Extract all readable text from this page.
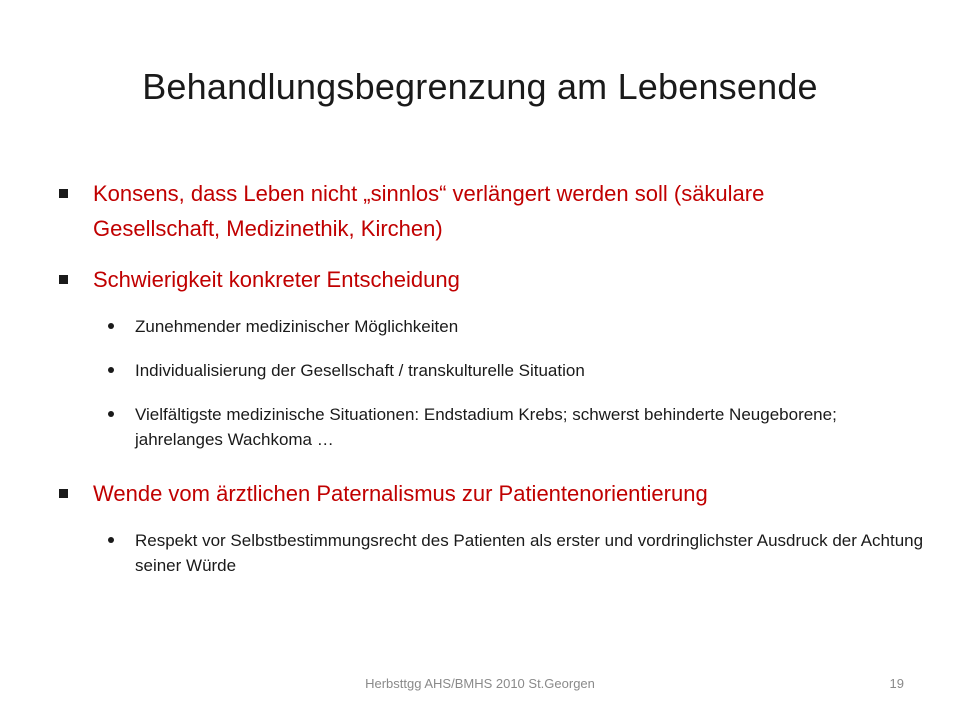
Behandlungsbegrenzung am Lebensende
Konsens, dass Leben nicht „sinnlos“ verlängert werden soll (säkulare Gesellschaft, Medizinethik, Kirchen)
Schwierigkeit konkreter Entscheidung
Zunehmender medizinischer Möglichkeiten
Individualisierung der Gesellschaft / transkulturelle Situation
Vielfältigste medizinische Situationen: Endstadium Krebs; schwerst behinderte Neugeborene; jahrelanges Wachkoma …
Wende vom ärztlichen Paternalismus zur Patientenorientierung
Respekt vor Selbstbestimmungsrecht des Patienten als erster und vordringlichster Ausdruck der Achtung seiner Würde
Herbsttgg AHS/BMHS 2010 St.Georgen	19
